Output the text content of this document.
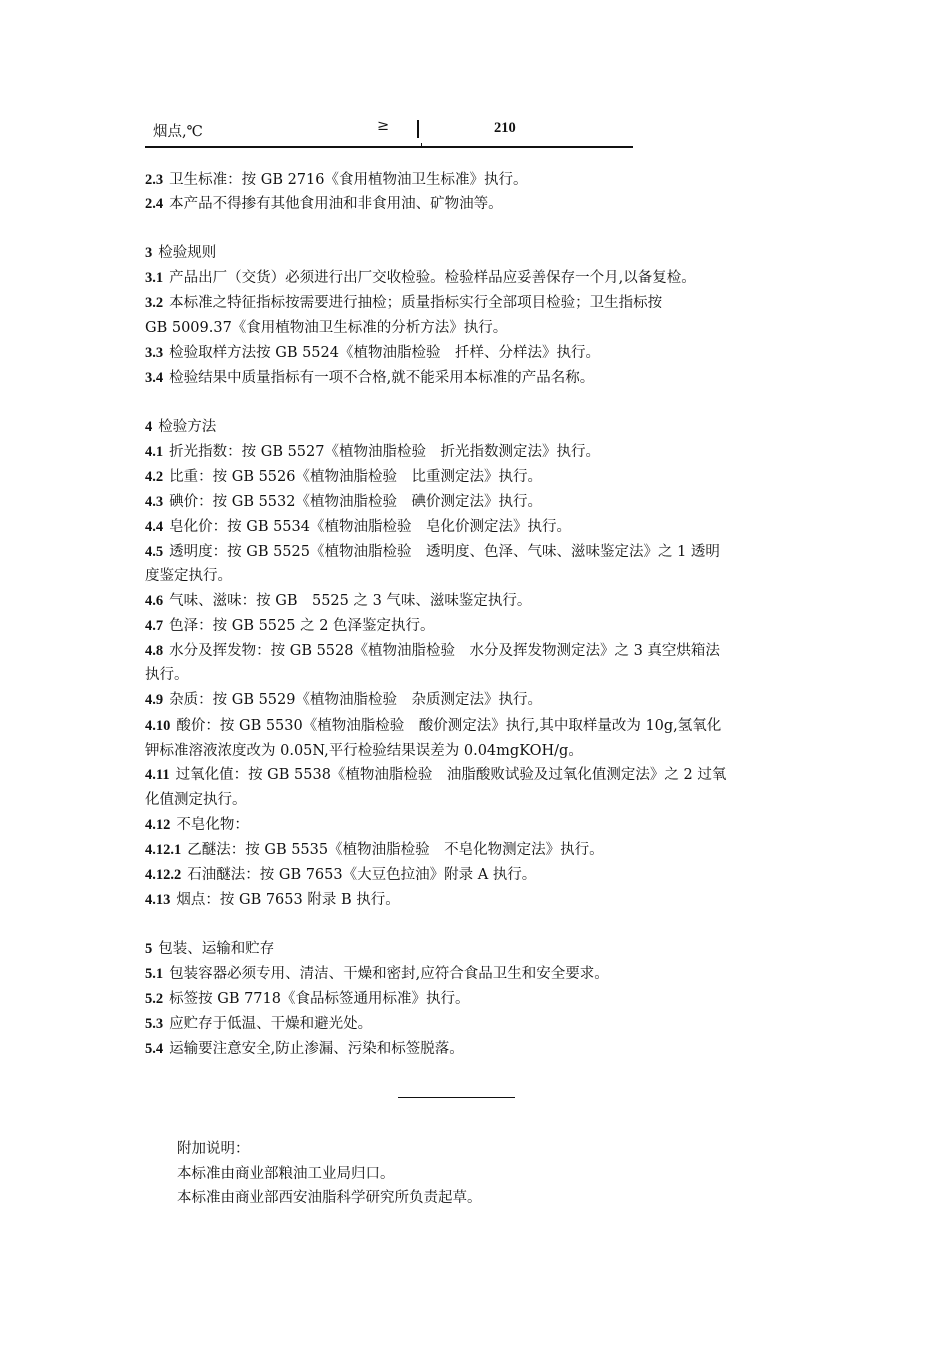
烟点,℃	≥	210
2.3 卫生标准：按 GB 2716《食用植物油卫生标准》执行。
2.4 本产品不得掺有其他食用油和非食用油、矿物油等。
3 检验规则
3.1 产品出厂（交货）必须进行出厂交收检验。检验样品应妥善保存一个月,以备复检。
3.2 本标准之特征指标按需要进行抽检；质量指标实行全部项目检验；卫生指标按
GB 5009.37《食用植物油卫生标准的分析方法》执行。
3.3 检验取样方法按 GB 5524《植物油脂检验　扦样、分样法》执行。
3.4 检验结果中质量指标有一项不合格,就不能采用本标准的产品名称。
4 检验方法
4.1 折光指数：按 GB 5527《植物油脂检验　折光指数测定法》执行。
4.2 比重：按 GB 5526《植物油脂检验　比重测定法》执行。
4.3 碘价：按 GB 5532《植物油脂检验　碘价测定法》执行。
4.4 皂化价：按 GB 5534《植物油脂检验　皂化价测定法》执行。
4.5 透明度：按 GB 5525《植物油脂检验　透明度、色泽、气味、滋味鉴定法》之 1 透明
度鉴定执行。
4.6 气味、滋味：按 GB　5525 之 3 气味、滋味鉴定执行。
4.7 色泽：按 GB 5525 之 2 色泽鉴定执行。
4.8 水分及挥发物：按 GB 5528《植物油脂检验　水分及挥发物测定法》之 3 真空烘箱法
执行。
4.9 杂质：按 GB 5529《植物油脂检验　杂质测定法》执行。
4.10 酸价：按 GB 5530《植物油脂检验　酸价测定法》执行,其中取样量改为 10g,氢氧化
钾标准溶液浓度改为 0.05N,平行检验结果误差为 0.04mgKOH/g。
4.11 过氧化值：按 GB 5538《植物油脂检验　油脂酸败试验及过氧化值测定法》之 2 过氧
化值测定执行。
4.12 不皂化物：
4.12.1 乙醚法：按 GB 5535《植物油脂检验　不皂化物测定法》执行。
4.12.2 石油醚法：按 GB 7653《大豆色拉油》附录 A 执行。
4.13 烟点：按 GB 7653 附录 B 执行。
5 包装、运输和贮存
5.1 包装容器必须专用、清洁、干燥和密封,应符合食品卫生和安全要求。
5.2 标签按 GB 7718《食品标签通用标准》执行。
5.3 应贮存于低温、干燥和避光处。
5.4 运输要注意安全,防止渗漏、污染和标签脱落。
附加说明：
本标准由商业部粮油工业局归口。
本标准由商业部西安油脂科学研究所负责起草。
